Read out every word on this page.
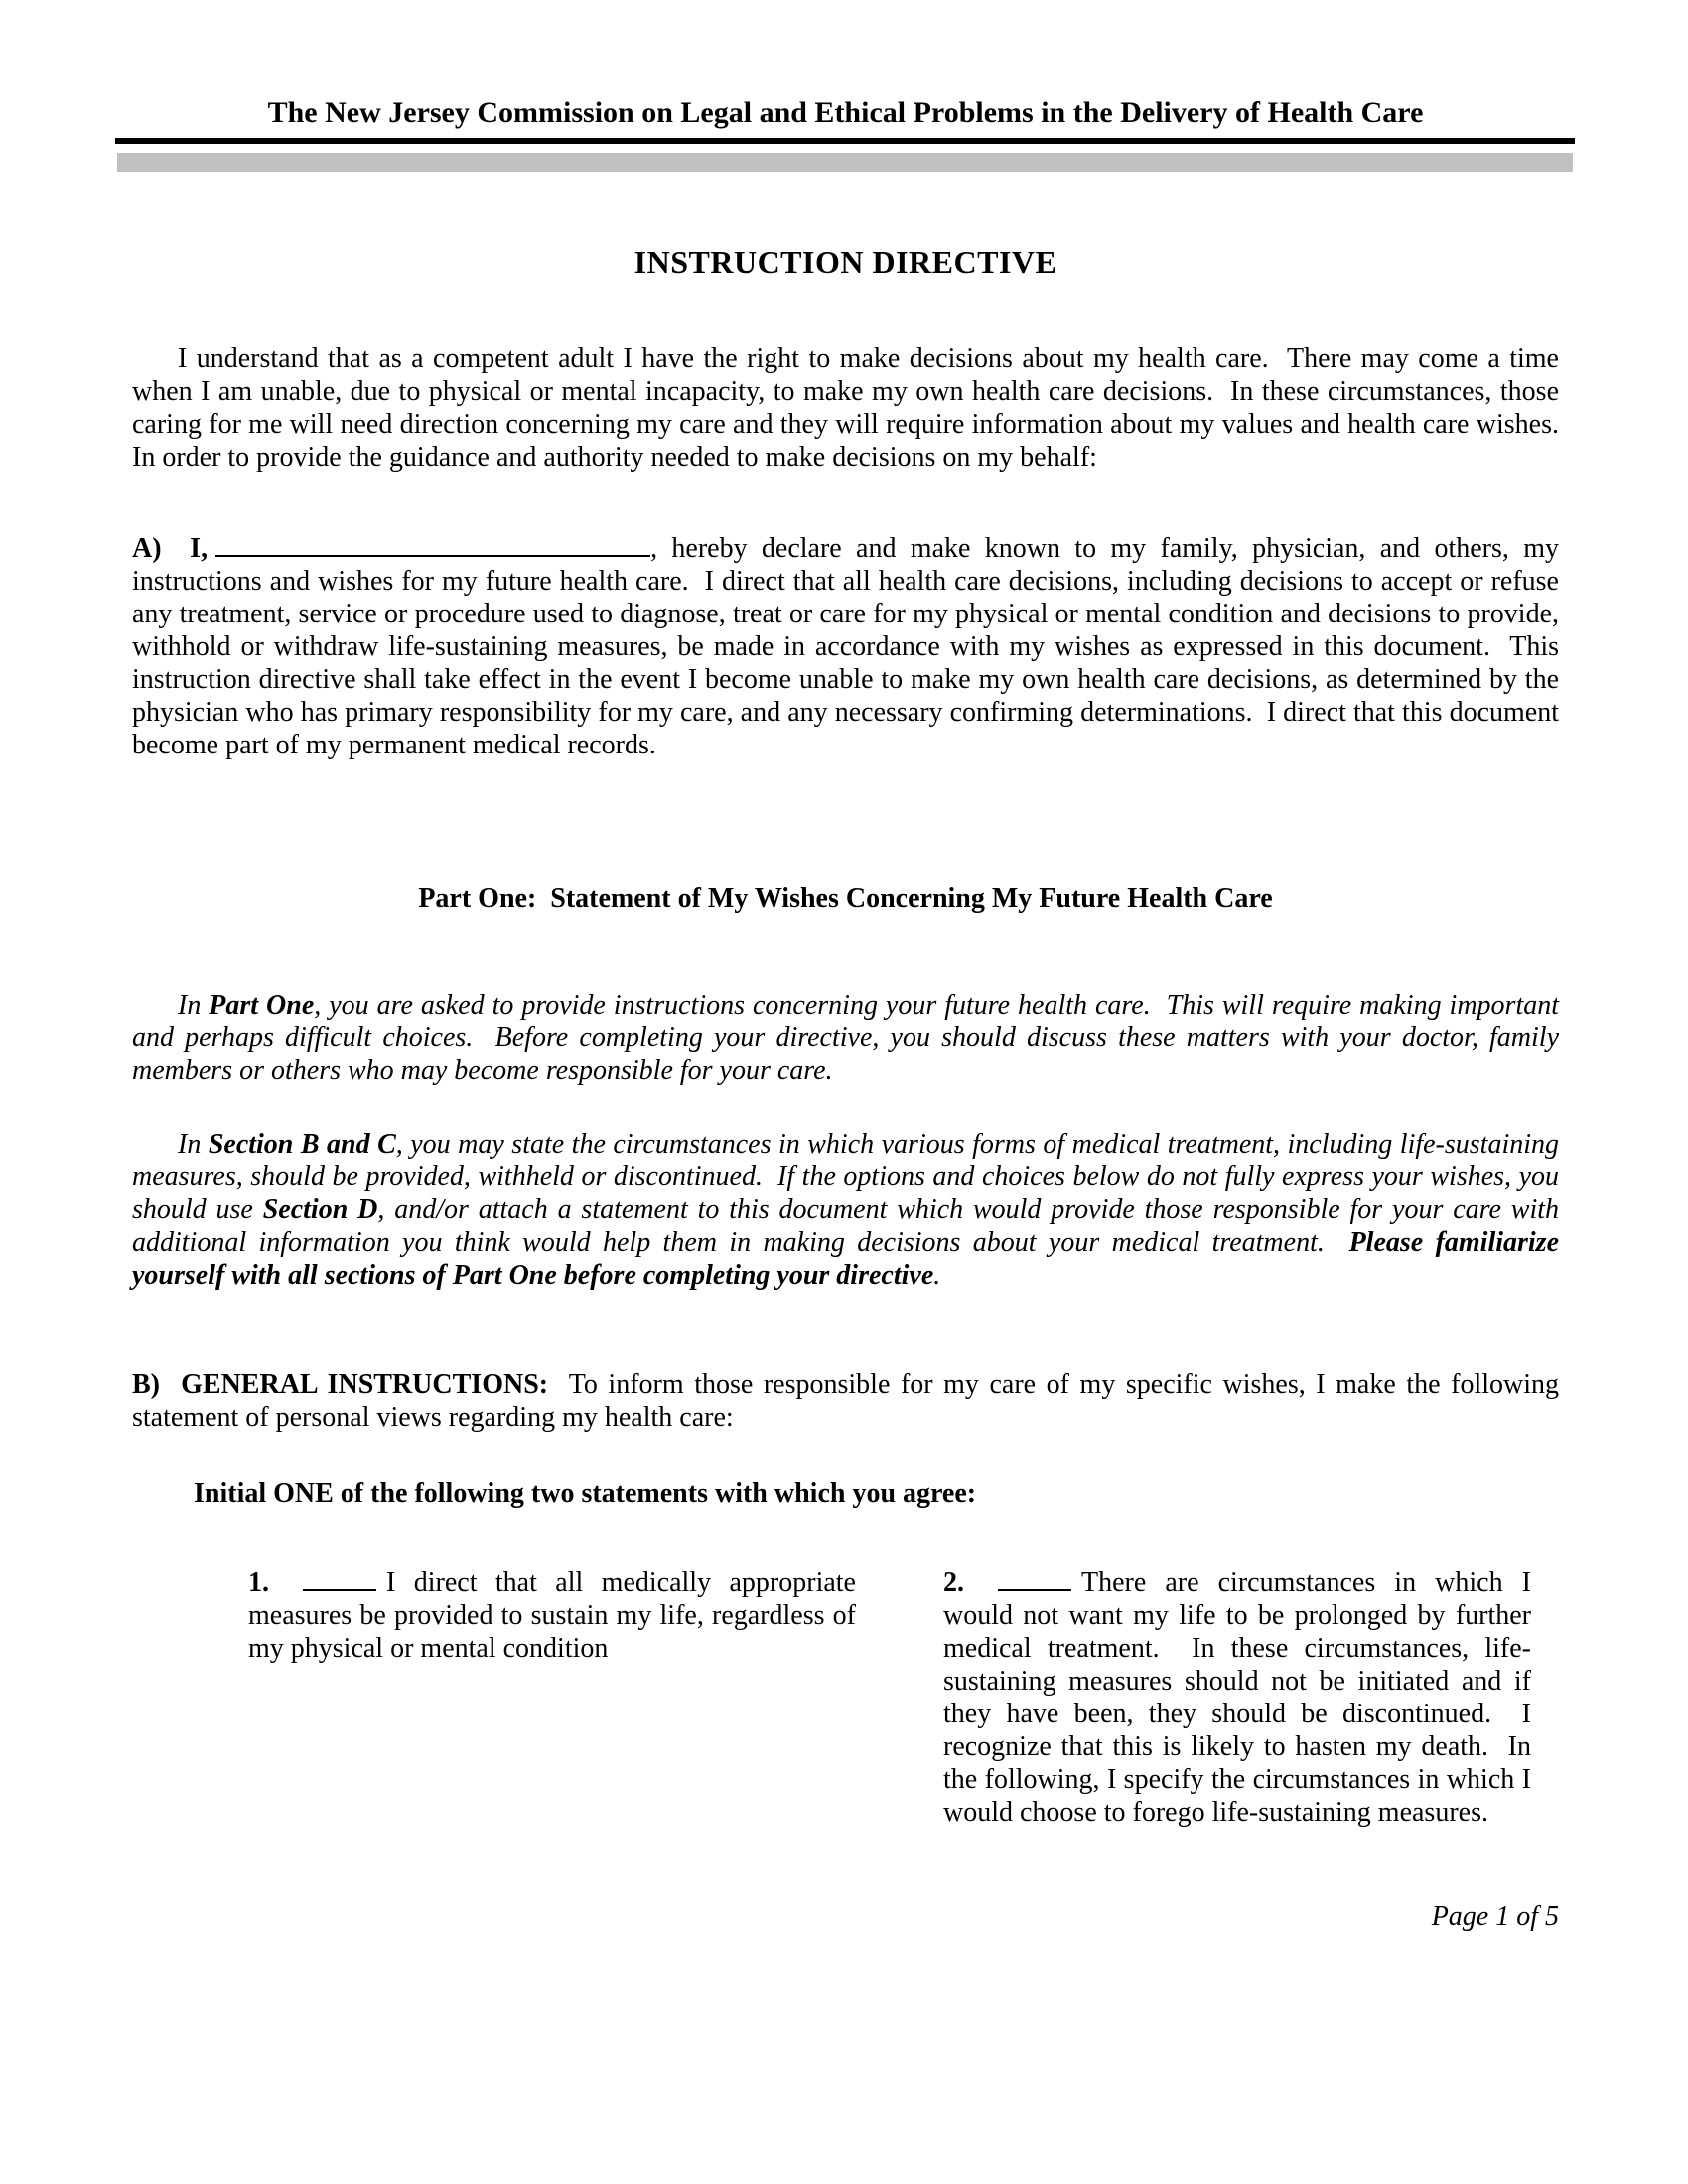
The New Jersey Commission on Legal and Ethical Problems in the Delivery of Health Care
INSTRUCTION DIRECTIVE

I understand that as a competent adult I have the right to make decisions about my health care.  There may come a time when I am unable, due to physical or mental incapacity, to make my own health care decisions.  In these circumstances, those caring for me will need direction concerning my care and they will require information about my values and health care wishes.  In order to provide the guidance and authority needed to make decisions on my behalf:

A)  I,	, hereby declare and make known to my family, physician, and others, my instructions and wishes for my future health care.  I direct that all health care decisions, including decisions to accept or refuse any treatment, service or procedure used to diagnose, treat or care for my physical or mental condition and decisions to provide, withhold or withdraw life-sustaining measures, be made in accordance with my wishes as expressed in this document.  This instruction directive shall take effect in the event I become unable to make my own health care decisions, as determined by the physician who has primary responsibility for my care, and any necessary confirming determinations.  I direct that this document become part of my permanent medical records.

Part One:  Statement of My Wishes Concerning My Future Health Care

In Part One, you are asked to provide instructions concerning your future health care.  This will require making important and perhaps difficult choices.  Before completing your directive, you should discuss these matters with your doctor, family members or others who may become responsible for your care.

In Section B and C, you may state the circumstances in which various forms of medical treatment, including life-sustaining measures, should be provided, withheld or discontinued.  If the options and choices below do not fully express your wishes, you should use Section D, and/or attach a statement to this document which would provide those responsible for your care with additional information you think would help them in making decisions about your medical treatment.  Please familiarize yourself with all sections of Part One before completing your directive.

B)  GENERAL INSTRUCTIONS:  To inform those responsible for my care of my specific wishes, I make the following statement of personal views regarding my health care:

Initial ONE of the following two statements with which you agree:

1.	I direct that all medically appropriate measures be provided to sustain my life, regardless of my physical or mental condition

2.	There are circumstances in which I would not want my life to be prolonged by further medical treatment.  In these circumstances, life-sustaining measures should not be initiated and if they have been, they should be discontinued.  I recognize that this is likely to hasten my death.  In the following, I specify the circumstances in which I would choose to forego life-sustaining measures.

Page 1 of 5
